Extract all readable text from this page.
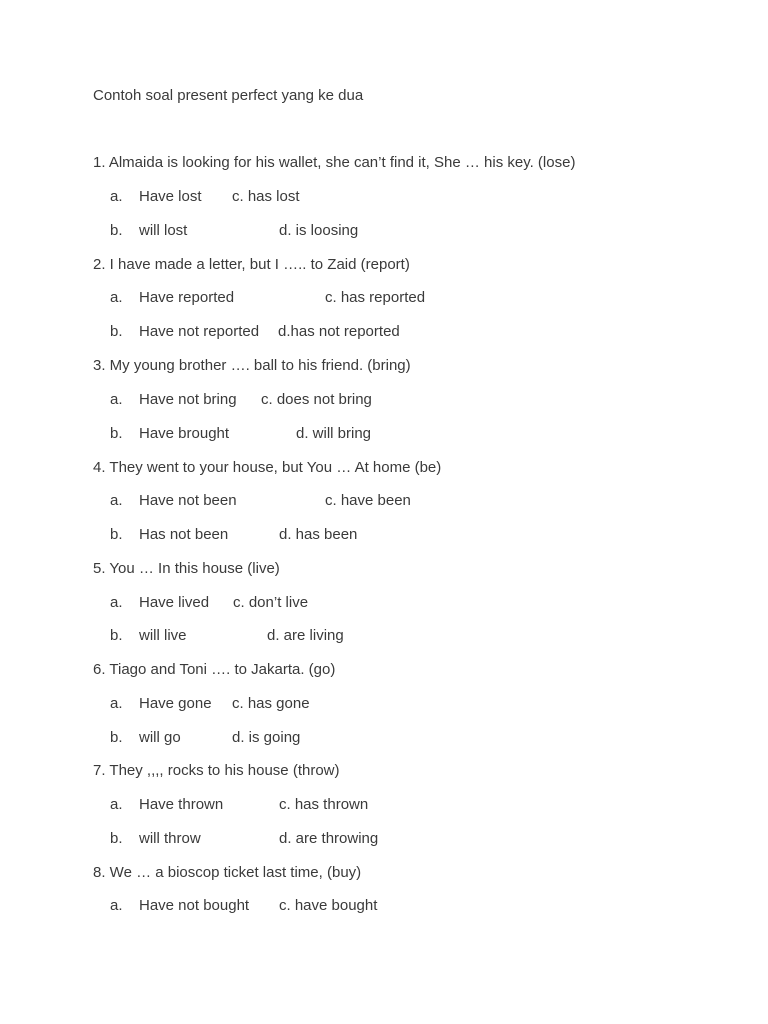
Contoh soal present perfect yang ke dua
1. Almaida is looking for his wallet, she can’t find it, She … his key. (lose)
a. Have lost c. has lost
b. will lost	d. is loosing
2. I have made a letter, but I ….. to Zaid (report)
a. Have reported	c. has reported
b. Have not reported d.has not reported
3. My young brother …. ball to his friend. (bring)
a. Have not bring c. does not bring
b. Have brought	d. will bring
4. They went to your house, but You … At home (be)
a. Have not been	c. have been
b. Has not been	d. has been
5. You … In this house (live)
a. Have lived c. don’t live
b. will live	d. are living
6. Tiago and Toni …. to Jakarta. (go)
a. Have gone c. has gone
b. will go	d. is going
7. They ,,,, rocks to his house (throw)
a. Have thrown	c. has thrown
b. will throw	d. are throwing
8. We … a bioscop ticket last time, (buy)
a. Have not bought c. have bought
